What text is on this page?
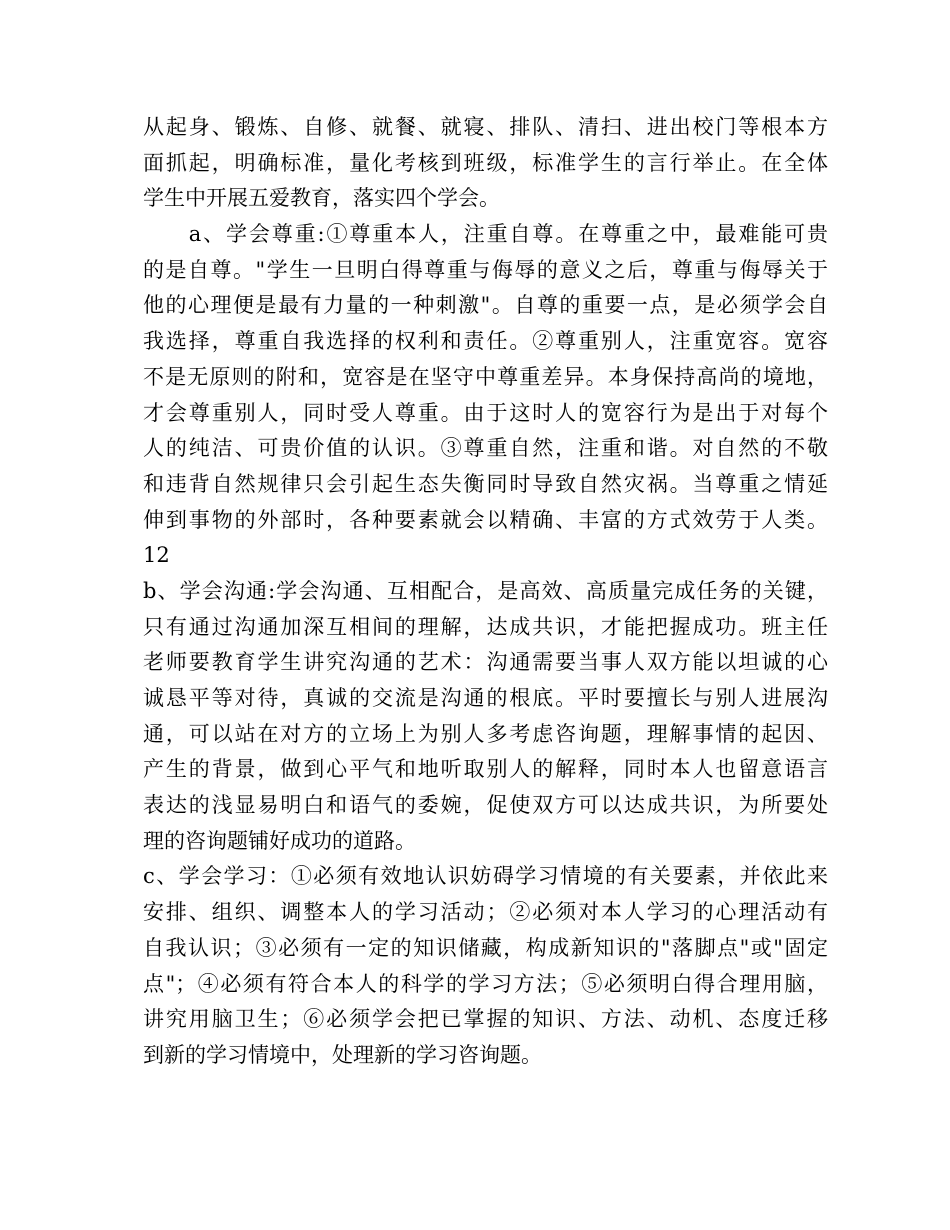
从起身、锻炼、自修、就餐、就寝、排队、清扫、进出校门等根本方
面抓起，明确标准，量化考核到班级，标准学生的言行举止。在全体
学生中开展五爱教育，落实四个学会。
　　a、学会尊重:①尊重本人，注重自尊。在尊重之中，最难能可贵
的是自尊。"学生一旦明白得尊重与侮辱的意义之后，尊重与侮辱关于
他的心理便是最有力量的一种刺激"。自尊的重要一点，是必须学会自
我选择，尊重自我选择的权利和责任。②尊重别人，注重宽容。宽容
不是无原则的附和，宽容是在坚守中尊重差异。本身保持高尚的境地，
才会尊重别人，同时受人尊重。由于这时人的宽容行为是出于对每个
人的纯洁、可贵价值的认识。③尊重自然，注重和谐。对自然的不敬
和违背自然规律只会引起生态失衡同时导致自然灾祸。当尊重之情延
伸到事物的外部时，各种要素就会以精确、丰富的方式效劳于人类。
12
b、学会沟通:学会沟通、互相配合，是高效、高质量完成任务的关键，
只有通过沟通加深互相间的理解，达成共识，才能把握成功。班主任
老师要教育学生讲究沟通的艺术：沟通需要当事人双方能以坦诚的心
诚恳平等对待，真诚的交流是沟通的根底。平时要擅长与别人进展沟
通，可以站在对方的立场上为别人多考虑咨询题，理解事情的起因、
产生的背景，做到心平气和地听取别人的解释，同时本人也留意语言
表达的浅显易明白和语气的委婉，促使双方可以达成共识，为所要处
理的咨询题铺好成功的道路。
c、学会学习：①必须有效地认识妨碍学习情境的有关要素，并依此来
安排、组织、调整本人的学习活动；②必须对本人学习的心理活动有
自我认识；③必须有一定的知识储藏，构成新知识的"落脚点"或"固定
点"；④必须有符合本人的科学的学习方法；⑤必须明白得合理用脑，
讲究用脑卫生；⑥必须学会把已掌握的知识、方法、动机、态度迁移
到新的学习情境中，处理新的学习咨询题。
